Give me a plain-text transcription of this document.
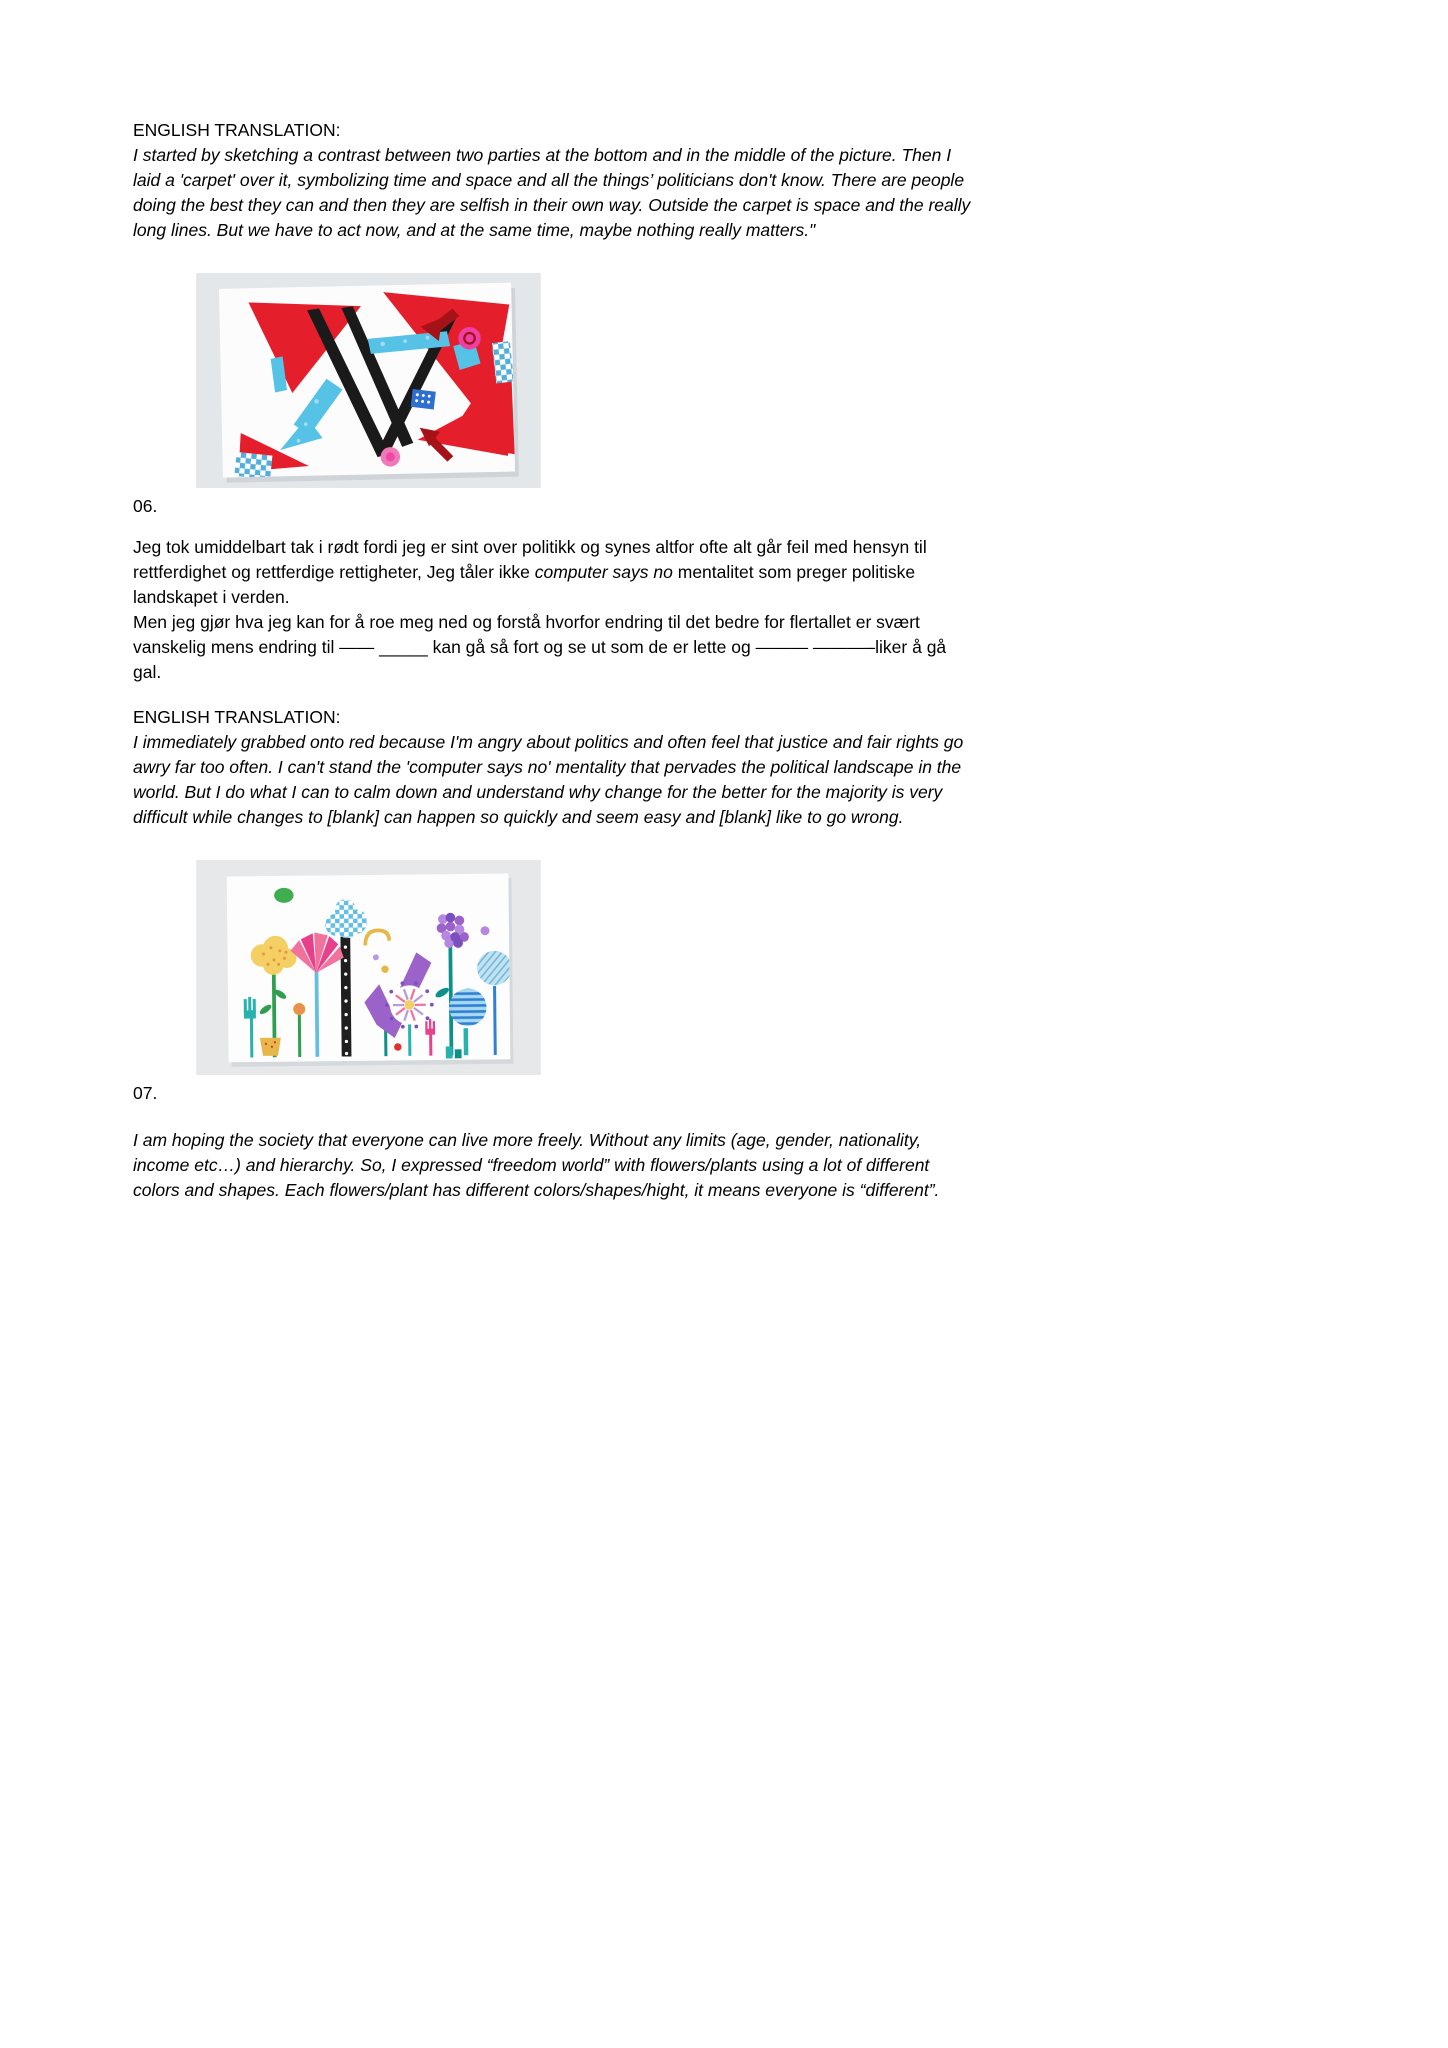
ENGLISH TRANSLATION:

I started by sketching a contrast between two parties at the bottom and in the middle of the picture. Then I laid a 'carpet' over it, symbolizing time and space and all the things’ politicians don't know. There are people doing the best they can and then they are selfish in their own way. Outside the carpet is space and the really long lines. But we have to act now, and at the same time, maybe nothing really matters."

06.

Jeg tok umiddelbart tak i rødt fordi jeg er sint over politikk og synes altfor ofte alt går feil med hensyn til rettferdighet og rettferdige rettigheter, Jeg tåler ikke computer says no mentalitet som preger politiske landskapet i verden.
Men jeg gjør hva jeg kan for å roe meg ned og forstå hvorfor endring til det bedre for flertallet er svært vanskelig mens endring til —— _____ kan gå så fort og se ut som de er lette og ——— ———–liker å gå gal.

ENGLISH TRANSLATION:

I immediately grabbed onto red because I'm angry about politics and often feel that justice and fair rights go awry far too often. I can't stand the 'computer says no' mentality that pervades the political landscape in the world. But I do what I can to calm down and understand why change for the better for the majority is very difficult while changes to [blank] can happen so quickly and seem easy and [blank] like to go wrong.

07.

I am hoping the society that everyone can live more freely. Without any limits (age, gender, nationality, income etc…) and hierarchy. So, I expressed “freedom world” with flowers/plants using a lot of different colors and shapes. Each flowers/plant has different colors/shapes/hight, it means everyone is “different”.
